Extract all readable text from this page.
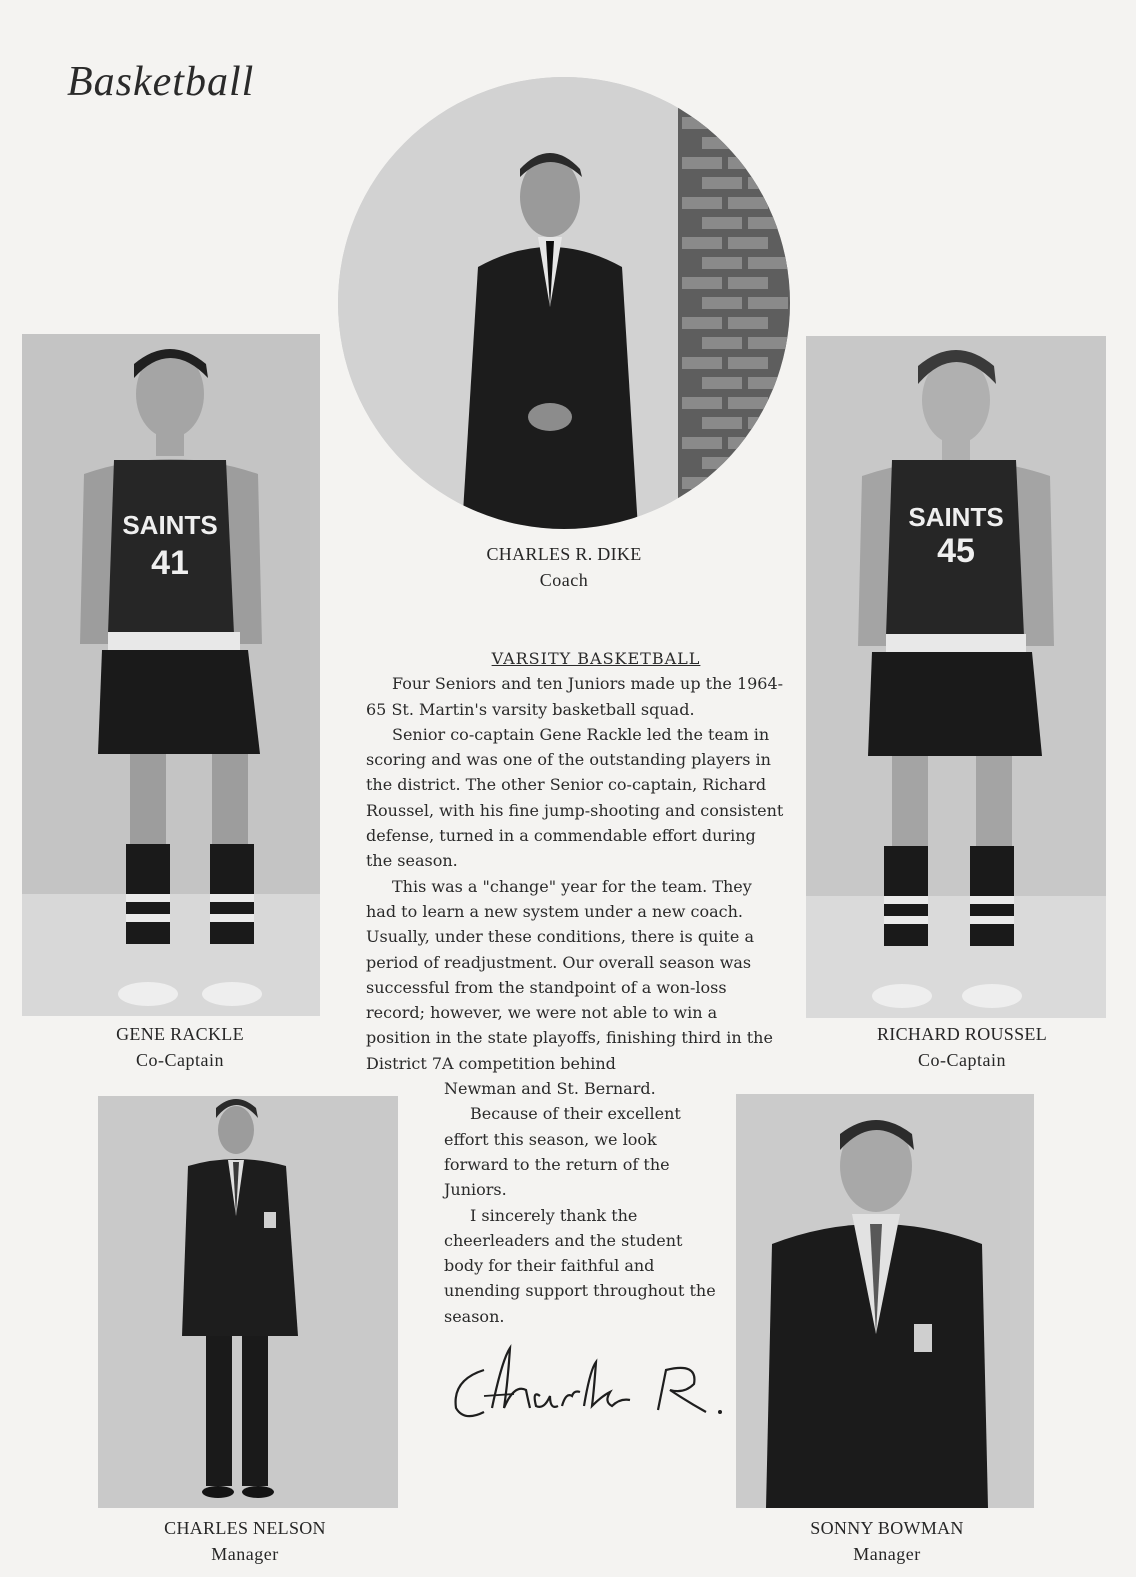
Basketball
CHARLES R. DIKE
Coach
SAINTS
41
GENE RACKLE
Co-Captain
SAINTS
45
RICHARD ROUSSEL
Co-Captain
CHARLES NELSON
Manager
SONNY BOWMAN
Manager
VARSITY BASKETBALL

Four Seniors and ten Juniors made up the 1964-65 St. Martin's varsity basketball squad.

Senior co-captain Gene Rackle led the team in scoring and was one of the outstanding players in the district. The other Senior co-captain, Richard Roussel, with his fine jump-shooting and consistent defense, turned in a commendable effort during the season.

This was a "change" year for the team. They had to learn a new system under a new coach. Usually, under these conditions, there is quite a period of readjustment. Our overall season was successful from the standpoint of a won-loss record; however, we were not able to win a position in the state playoffs, finishing third in the District 7A competition behind

Newman and St. Bernard.

Because of their excellent effort this season, we look forward to the return of the Juniors.

I sincerely thank the cheerleaders and the student body for their faithful and unending support throughout the season.
